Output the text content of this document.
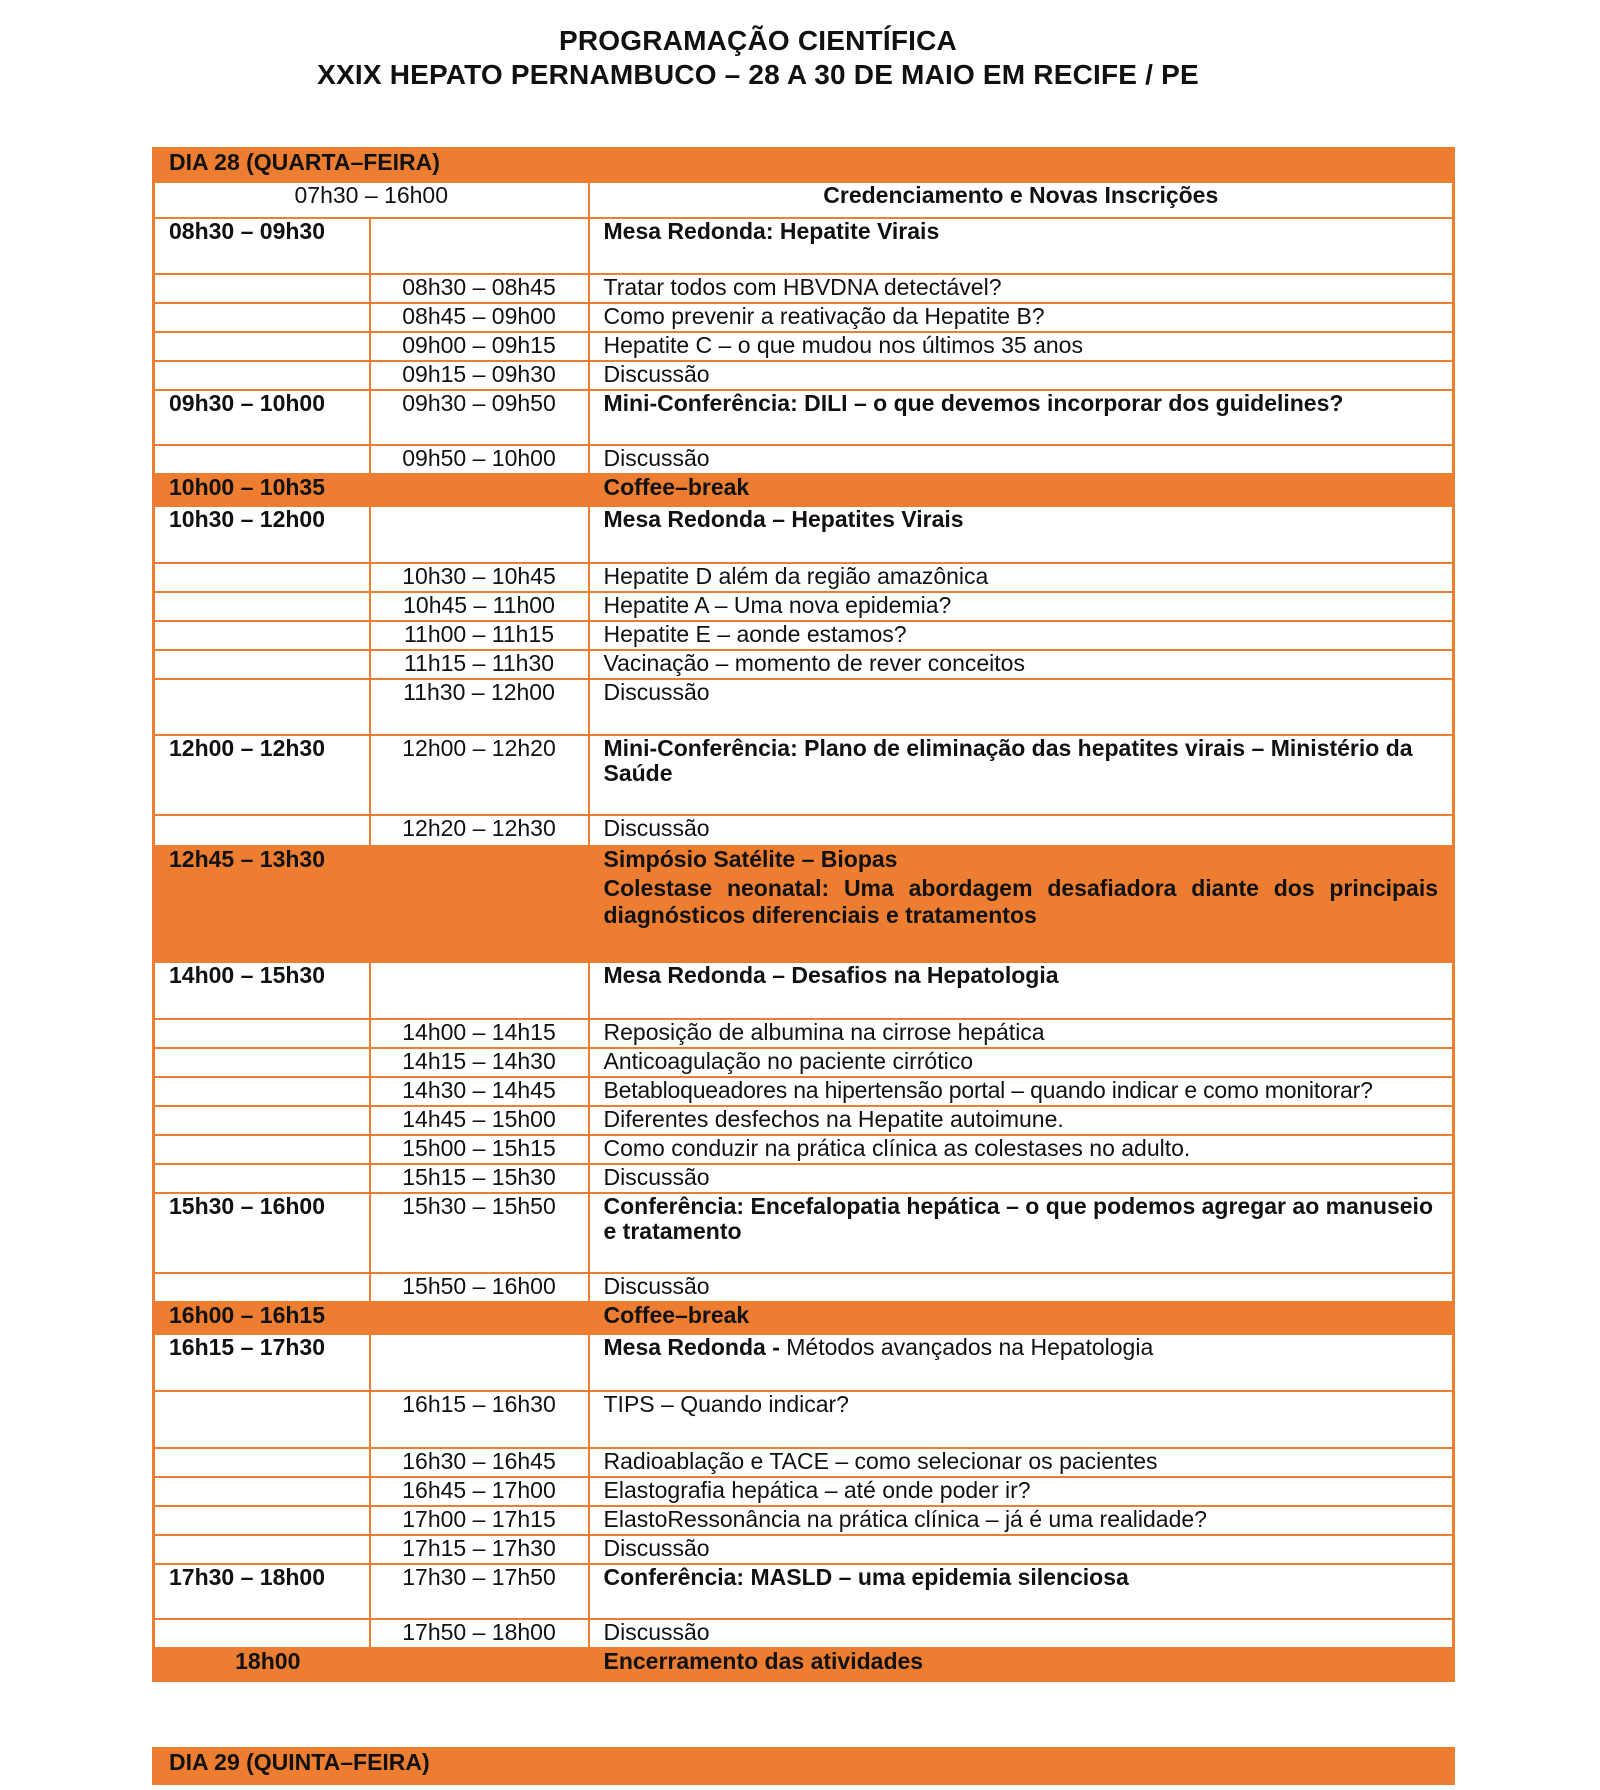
PROGRAMAÇÃO CIENTÍFICA
XXIX HEPATO PERNAMBUCO – 28 A 30 DE MAIO EM RECIFE / PE
DIA 28 (QUARTA–FEIRA)		
07h30 – 16h00		Credenciamento e Novas Inscrições
08h30 – 09h30		Mesa Redonda: Hepatite Virais
	08h30 – 08h45	Tratar todos com HBVDNA detectável?
	08h45 – 09h00	Como prevenir a reativação da Hepatite B?
	09h00 – 09h15	Hepatite C – o que mudou nos últimos 35 anos
	09h15 – 09h30	Discussão
09h30 – 10h00	09h30 – 09h50	Mini-Conferência: DILI – o que devemos incorporar dos guidelines?
	09h50 – 10h00	Discussão
10h00 – 10h35		Coffee–break
10h30 – 12h00		Mesa Redonda – Hepatites Virais
	10h30 – 10h45	Hepatite D além da região amazônica
	10h45 – 11h00	Hepatite A – Uma nova epidemia?
	11h00 – 11h15	Hepatite E – aonde estamos?
	11h15 – 11h30	Vacinação – momento de rever conceitos
	11h30 – 12h00	Discussão
12h00 – 12h30	12h00 – 12h20	Mini-Conferência: Plano de eliminação das hepatites virais – Ministério da Saúde
	12h20 – 12h30	Discussão
12h45 – 13h30		Simpósio Satélite – Biopas
Colestase neonatal: Uma abordagem desafiadora diante dos principais diagnósticos diferenciais e tratamentos

14h00 – 15h30		Mesa Redonda – Desafios na Hepatologia
	14h00 – 14h15	Reposição de albumina na cirrose hepática
	14h15 – 14h30	Anticoagulação no paciente cirrótico
	14h30 – 14h45	Betabloqueadores na hipertensão portal – quando indicar e como monitorar?
	14h45 – 15h00	Diferentes desfechos na Hepatite autoimune.
	15h00 – 15h15	Como conduzir na prática clínica as colestases no adulto.
	15h15 – 15h30	Discussão
15h30 – 16h00	15h30 – 15h50	Conferência: Encefalopatia hepática – o que podemos agregar ao manuseio e tratamento
	15h50 – 16h00	Discussão
16h00 – 16h15		Coffee–break
16h15 – 17h30		Mesa Redonda - Métodos avançados na Hepatologia
	16h15 – 16h30	TIPS – Quando indicar?
	16h30 – 16h45	Radioablação e TACE – como selecionar os pacientes
	16h45 – 17h00	Elastografia hepática – até onde poder ir?
	17h00 – 17h15	ElastoRessonância na prática clínica – já é uma realidade?
	17h15 – 17h30	Discussão
17h30 – 18h00	17h30 – 17h50	Conferência: MASLD – uma epidemia silenciosa
	17h50 – 18h00	Discussão
18h00		Encerramento das atividades
DIA 29 (QUINTA–FEIRA)
